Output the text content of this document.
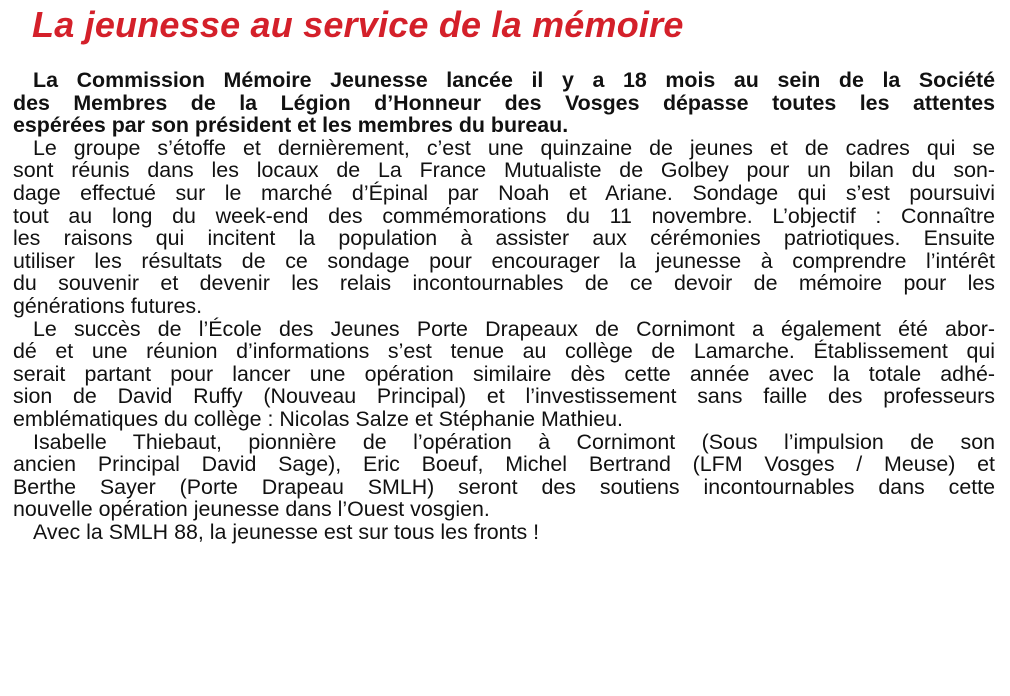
La jeunesse au service de la mémoire
La Commission Mémoire Jeunesse lancée il y a 18 mois au sein de la Société
des Membres de la Légion d’Honneur des Vosges dépasse toutes les attentes
espérées par son président et les membres du bureau.
Le groupe s’étoffe et dernièrement, c’est une quinzaine de jeunes et de cadres qui se
sont réunis dans les locaux de La France Mutualiste de Golbey pour un bilan du son-
dage effectué sur le marché d’Épinal par Noah et Ariane. Sondage qui s’est poursuivi
tout au long du week-end des commémorations du 11 novembre. L’objectif : Connaître
les raisons qui incitent la population à assister aux cérémonies patriotiques. Ensuite
utiliser les résultats de ce sondage pour encourager la jeunesse à comprendre l’intérêt
du souvenir et devenir les relais incontournables de ce devoir de mémoire pour les
générations futures.
Le succès de l’École des Jeunes Porte Drapeaux de Cornimont a également été abor-
dé et une réunion d’informations s’est tenue au collège de Lamarche. Établissement qui
serait partant pour lancer une opération similaire dès cette année avec la totale adhé-
sion de David Ruffy (Nouveau Principal) et l’investissement sans faille des professeurs
emblématiques du collège : Nicolas Salze et Stéphanie Mathieu.
Isabelle Thiebaut, pionnière de l’opération à Cornimont (Sous l’impulsion de son
ancien Principal David Sage), Eric Boeuf, Michel Bertrand (LFM Vosges / Meuse) et
Berthe Sayer (Porte Drapeau SMLH) seront des soutiens incontournables dans cette
nouvelle opération jeunesse dans l’Ouest vosgien.
Avec la SMLH 88, la jeunesse est sur tous les fronts !
